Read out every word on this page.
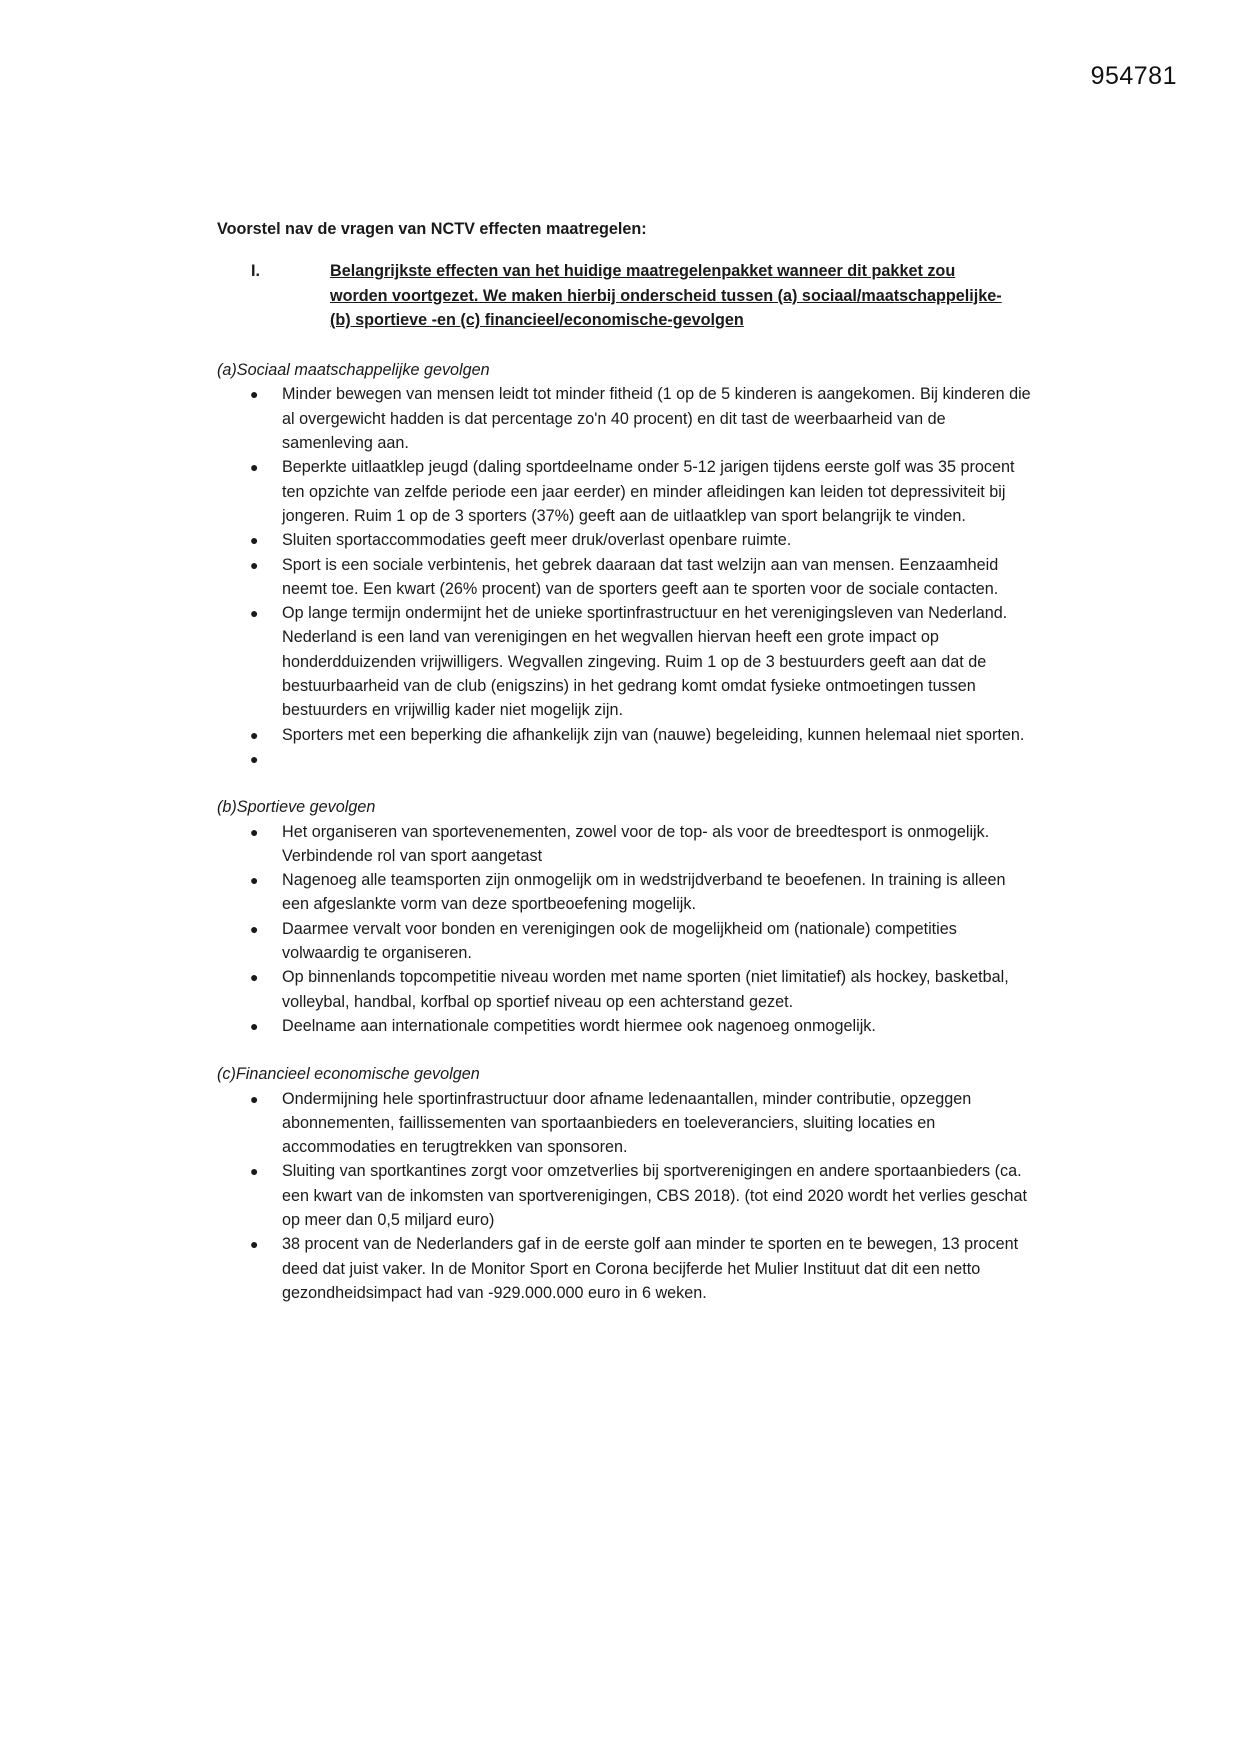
954781
Voorstel nav de vragen van NCTV effecten maatregelen:
I.	Belangrijkste effecten van het huidige maatregelenpakket wanneer dit pakket zou worden voortgezet. We maken hierbij onderscheid tussen (a) sociaal/maatschappelijke- (b) sportieve -en (c) financieel/economische-gevolgen
(a)Sociaal maatschappelijke gevolgen
● Minder bewegen van mensen leidt tot minder fitheid (1 op de 5 kinderen is aangekomen. Bij kinderen die al overgewicht hadden is dat percentage zo'n 40 procent) en dit tast de weerbaarheid van de samenleving aan.
● Beperkte uitlaatklep jeugd (daling sportdeelname onder 5-12 jarigen tijdens eerste golf was 35 procent ten opzichte van zelfde periode een jaar eerder) en minder afleidingen kan leiden tot depressiviteit bij jongeren. Ruim 1 op de 3 sporters (37%) geeft aan de uitlaatklep van sport belangrijk te vinden.
● Sluiten sportaccommodaties geeft meer druk/overlast openbare ruimte.
● Sport is een sociale verbintenis, het gebrek daaraan dat tast welzijn aan van mensen. Eenzaamheid neemt toe. Een kwart (26% procent) van de sporters geeft aan te sporten voor de sociale contacten.
● Op lange termijn ondermijnt het de unieke sportinfrastructuur en het verenigingsleven van Nederland. Nederland is een land van verenigingen en het wegvallen hiervan heeft een grote impact op honderdduizenden vrijwilligers. Wegvallen zingeving. Ruim 1 op de 3 bestuurders geeft aan dat de bestuurbaarheid van de club (enigszins) in het gedrang komt omdat fysieke ontmoetingen tussen bestuurders en vrijwillig kader niet mogelijk zijn.
● Sporters met een beperking die afhankelijk zijn van (nauwe) begeleiding, kunnen helemaal niet sporten.
●
(b)Sportieve gevolgen
● Het organiseren van sportevenementen, zowel voor de top- als voor de breedtesport is onmogelijk. Verbindende rol van sport aangetast
● Nagenoeg alle teamsporten zijn onmogelijk om in wedstrijdverband te beoefenen. In training is alleen een afgeslankte vorm van deze sportbeoefening mogelijk.
● Daarmee vervalt voor bonden en verenigingen ook de mogelijkheid om (nationale) competities volwaardig te organiseren.
● Op binnenlands topcompetitie niveau worden met name sporten (niet limitatief) als hockey, basketbal, volleybal, handbal, korfbal op sportief niveau op een achterstand gezet.
● Deelname aan internationale competities wordt hiermee ook nagenoeg onmogelijk.
(c)Financieel economische gevolgen
● Ondermijning hele sportinfrastructuur door afname ledenaantallen, minder contributie, opzeggen abonnementen, faillissementen van sportaanbieders en toeleveranciers, sluiting locaties en accommodaties en terugtrekken van sponsoren.
● Sluiting van sportkantines zorgt voor omzetverlies bij sportverenigingen en andere sportaanbieders (ca. een kwart van de inkomsten van sportverenigingen, CBS 2018). (tot eind 2020 wordt het verlies geschat op meer dan 0,5 miljard euro)
● 38 procent van de Nederlanders gaf in de eerste golf aan minder te sporten en te bewegen, 13 procent deed dat juist vaker. In de Monitor Sport en Corona becijferde het Mulier Instituut dat dit een netto gezondheidsimpact had van -929.000.000 euro in 6 weken.
